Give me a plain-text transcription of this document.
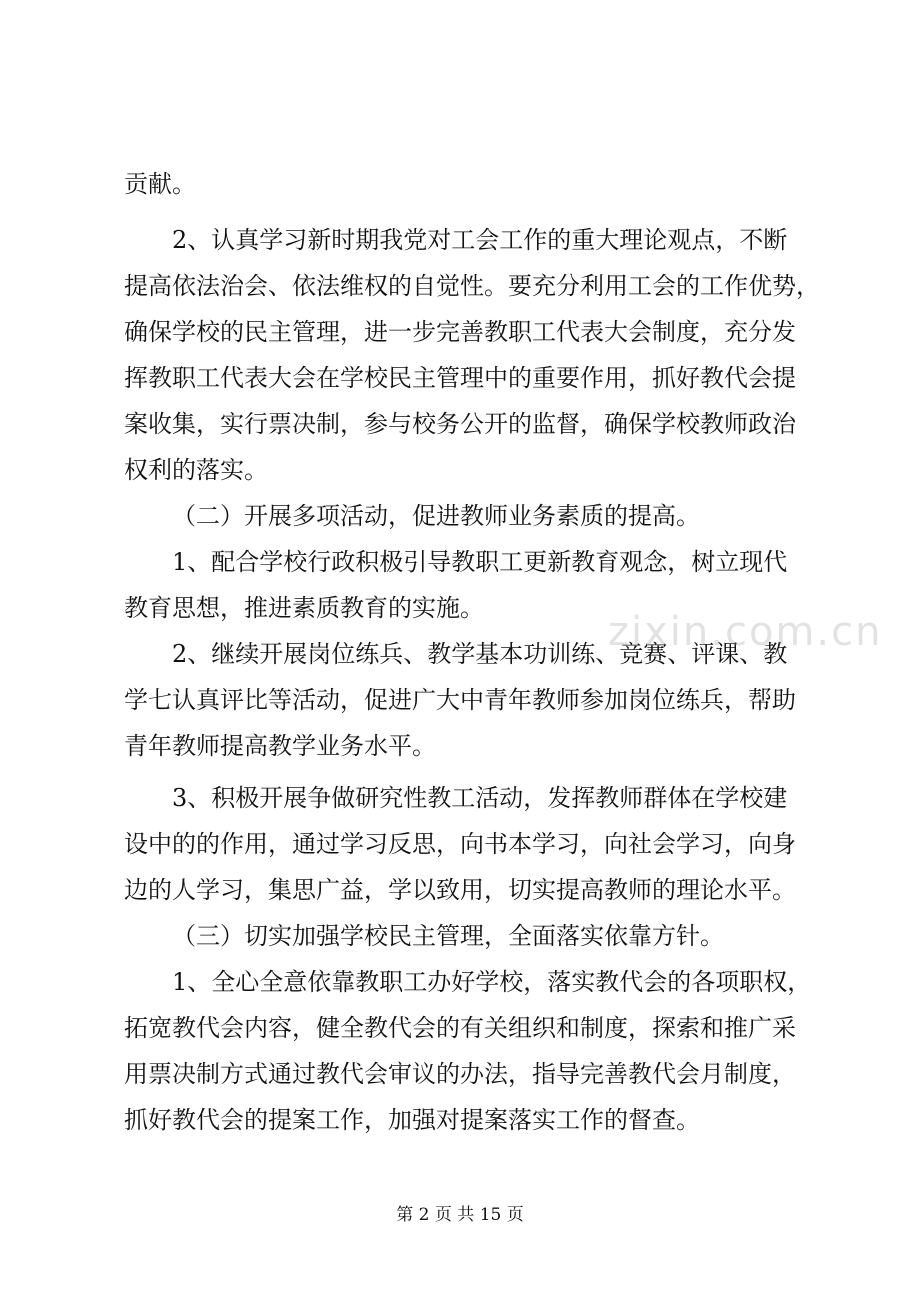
贡献。
2、认真学习新时期我党对工会工作的重大理论观点，不断
提高依法治会、依法维权的自觉性。要充分利用工会的工作优势，
确保学校的民主管理，进一步完善教职工代表大会制度，充分发
挥教职工代表大会在学校民主管理中的重要作用，抓好教代会提
案收集，实行票决制，参与校务公开的监督，确保学校教师政治
权利的落实。
（二）开展多项活动，促进教师业务素质的提高。
1、配合学校行政积极引导教职工更新教育观念，树立现代
教育思想，推进素质教育的实施。
2、继续开展岗位练兵、教学基本功训练、竞赛、评课、教
学七认真评比等活动，促进广大中青年教师参加岗位练兵，帮助
青年教师提高教学业务水平。
3、积极开展争做研究性教工活动，发挥教师群体在学校建
设中的的作用，通过学习反思，向书本学习，向社会学习，向身
边的人学习，集思广益，学以致用，切实提高教师的理论水平。
（三）切实加强学校民主管理，全面落实依靠方针。
1、全心全意依靠教职工办好学校，落实教代会的各项职权，
拓宽教代会内容，健全教代会的有关组织和制度，探索和推广采
用票决制方式通过教代会审议的办法，指导完善教代会月制度，
抓好教代会的提案工作，加强对提案落实工作的督查。
zixin.com.cn
第 2 页 共 15 页
